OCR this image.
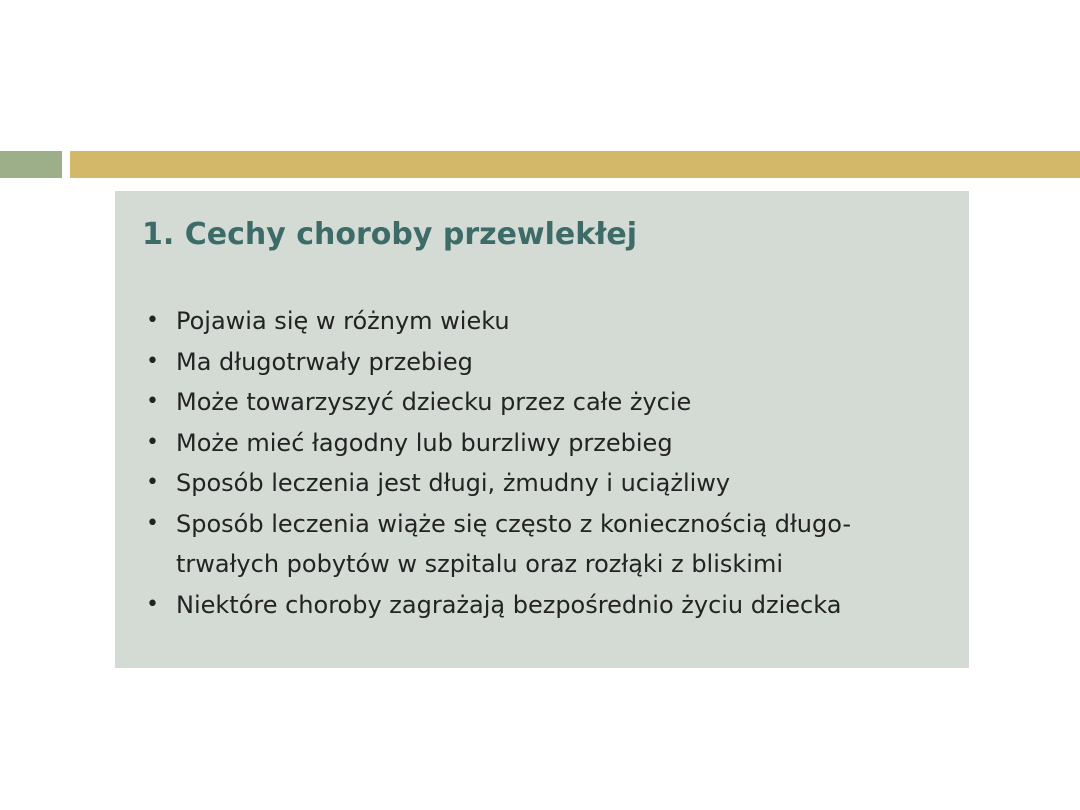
1. Cechy choroby przewlekłej
• Pojawia się w różnym wieku
• Ma długotrwały przebieg
• Może towarzyszyć dziecku przez całe życie
• Może mieć łagodny lub burzliwy przebieg
• Sposób leczenia jest długi, żmudny i uciążliwy
• Sposób leczenia wiąże się często z koniecznością długo-
trwałych pobytów w szpitalu oraz rozłąki z bliskimi
• Niektóre choroby zagrażają bezpośrednio życiu dziecka
